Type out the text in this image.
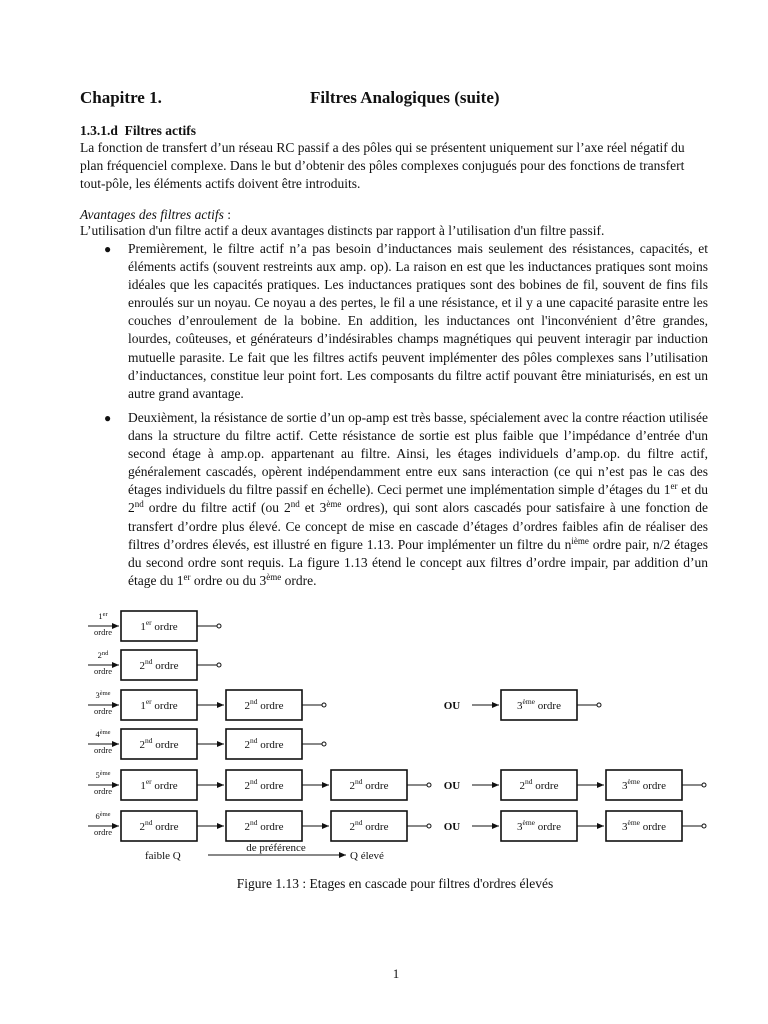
Chapitre 1.	Filtres Analogiques (suite)
1.3.1.d Filtres actifs
La fonction de transfert d’un réseau RC passif a des pôles qui se présentent uniquement sur l’axe réel négatif du plan fréquenciel complexe. Dans le but d’obtenir des pôles complexes conjugués pour des fonctions de transfert tout-pôle, les éléments actifs doivent être introduits.
Avantages des filtres actifs :
L’utilisation d'un filtre actif a deux avantages distincts par rapport à l’utilisation d'un filtre passif.
● Premièrement, le filtre actif n’a pas besoin d’inductances mais seulement des résistances, capacités, et éléments actifs (souvent restreints aux amp. op). La raison en est que les inductances pratiques sont moins idéales que les capacités pratiques. Les inductances pratiques sont des bobines de fil, souvent de fins fils enroulés sur un noyau. Ce noyau a des pertes, le fil a une résistance, et il y a une capacité parasite entre les couches d’enroulement de la bobine. En addition, les inductances ont l'inconvénient d’être grandes, lourdes, coûteuses, et générateurs d’indésirables champs magnétiques qui peuvent interagir par induction mutuelle parasite. Le fait que les filtres actifs peuvent implémenter des pôles complexes sans l’utilisation d’inductances, constitue leur point fort. Les composants du filtre actif pouvant être miniaturisés, en est un autre grand avantage.
● Deuxièment, la résistance de sortie d’un op-amp est très basse, spécialement avec la contre réaction utilisée dans la structure du filtre actif. Cette résistance de sortie est plus faible que l’impédance d’entrée d'un second étage à amp.op. appartenant au filtre. Ainsi, les étages individuels d’amp.op. du filtre actif, généralement cascadés, opèrent indépendamment entre eux sans interaction (ce qui n’est pas le cas des étages individuels du filtre passif en échelle). Ceci permet une implémentation simple d’étages du 1er et du 2nd ordre du filtre actif (ou 2nd et 3ème ordres), qui sont alors cascadés pour satisfaire à une fonction de transfert d’ordre plus élevé. Ce concept de mise en cascade d’étages d’ordres faibles afin de réaliser des filtres d’ordres élevés, est illustré en figure 1.13. Pour implémenter un filtre du $n^{ième}$ ordre pair, n/2 étages du second ordre sont requis. La figure 1.13 étend le concept aux filtres d’ordre impair, par addition d’un étage du 1er ordre ou du 3ème ordre.
1er
ordre	1er ordre
2nd
ordre	2nd ordre
3ème
ordre	1er ordre	2nd ordre	OU	3ème ordre
4ème
ordre	2nd ordre	2nd ordre
5ème
ordre	1er ordre	2nd ordre	2nd ordre	OU	2nd ordre	3ème ordre
6ème
ordre	2nd ordre	2nd ordre	2nd ordre	OU	3ème ordre	3ème ordre
faible Q
de préférence
Q élevé
Figure 1.13 : Etages en cascade pour filtres d'ordres élevés
1
